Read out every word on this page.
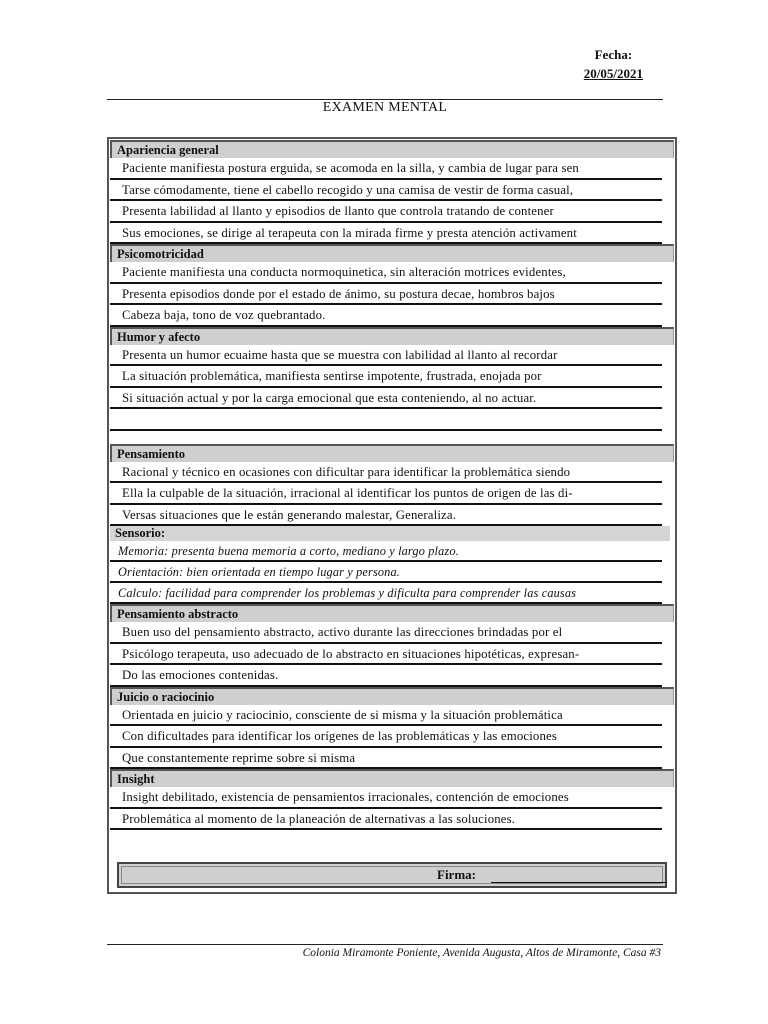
Fecha:
20/05/2021
EXAMEN MENTAL
Apariencia general
Paciente manifiesta postura erguida, se acomoda en la silla, y cambia de lugar para sen
Tarse cómodamente, tiene el cabello recogido y una camisa de vestir de forma casual,
Presenta labilidad al llanto y episodios de llanto que controla tratando de contener
Sus emociones, se dirige al terapeuta con la mirada firme y presta atención activament
Psicomotricidad
Paciente manifiesta una conducta normoquinetica, sin alteración motrices evidentes,
Presenta episodios donde por el estado de ánimo, su postura decae, hombros bajos
Cabeza baja, tono de voz quebrantado.
Humor y afecto
Presenta un humor ecuaime hasta que se muestra con labilidad al llanto al recordar
La situación problemática, manifiesta sentirse impotente, frustrada, enojada por
Si situación actual y por la carga emocional que esta conteniendo, al no actuar.
Pensamiento
Racional y técnico en ocasiones con dificultar para identificar la problemática siendo
Ella la culpable de la situación, irracional al identificar los puntos de origen de las di-
Versas situaciones que le están generando malestar, Generaliza.
Sensorio:
Memoria: presenta buena memoria a corto, mediano y largo plazo.
Orientación: bien orientada en tiempo lugar y persona.
Calculo: facilidad para comprender los problemas y dificulta para comprender las causas
Pensamiento abstracto
Buen uso del pensamiento abstracto, activo durante las direcciones brindadas por el
Psicólogo terapeuta, uso adecuado de lo abstracto en situaciones hipotéticas, expresan-
Do las emociones contenidas.
Juicio o raciocinio
Orientada en juicio y raciocinio, consciente de si misma y la situación problemática
Con dificultades para identificar los orígenes de las problemáticas y las emociones
Que constantemente reprime sobre si misma
Insight
Insight debilitado, existencia de pensamientos irracionales, contención de emociones
Problemática al momento de la planeación de alternativas a las soluciones.
Firma:
Colonia Miramonte Poniente, Avenida Augusta, Altos de Miramonte, Casa #3
